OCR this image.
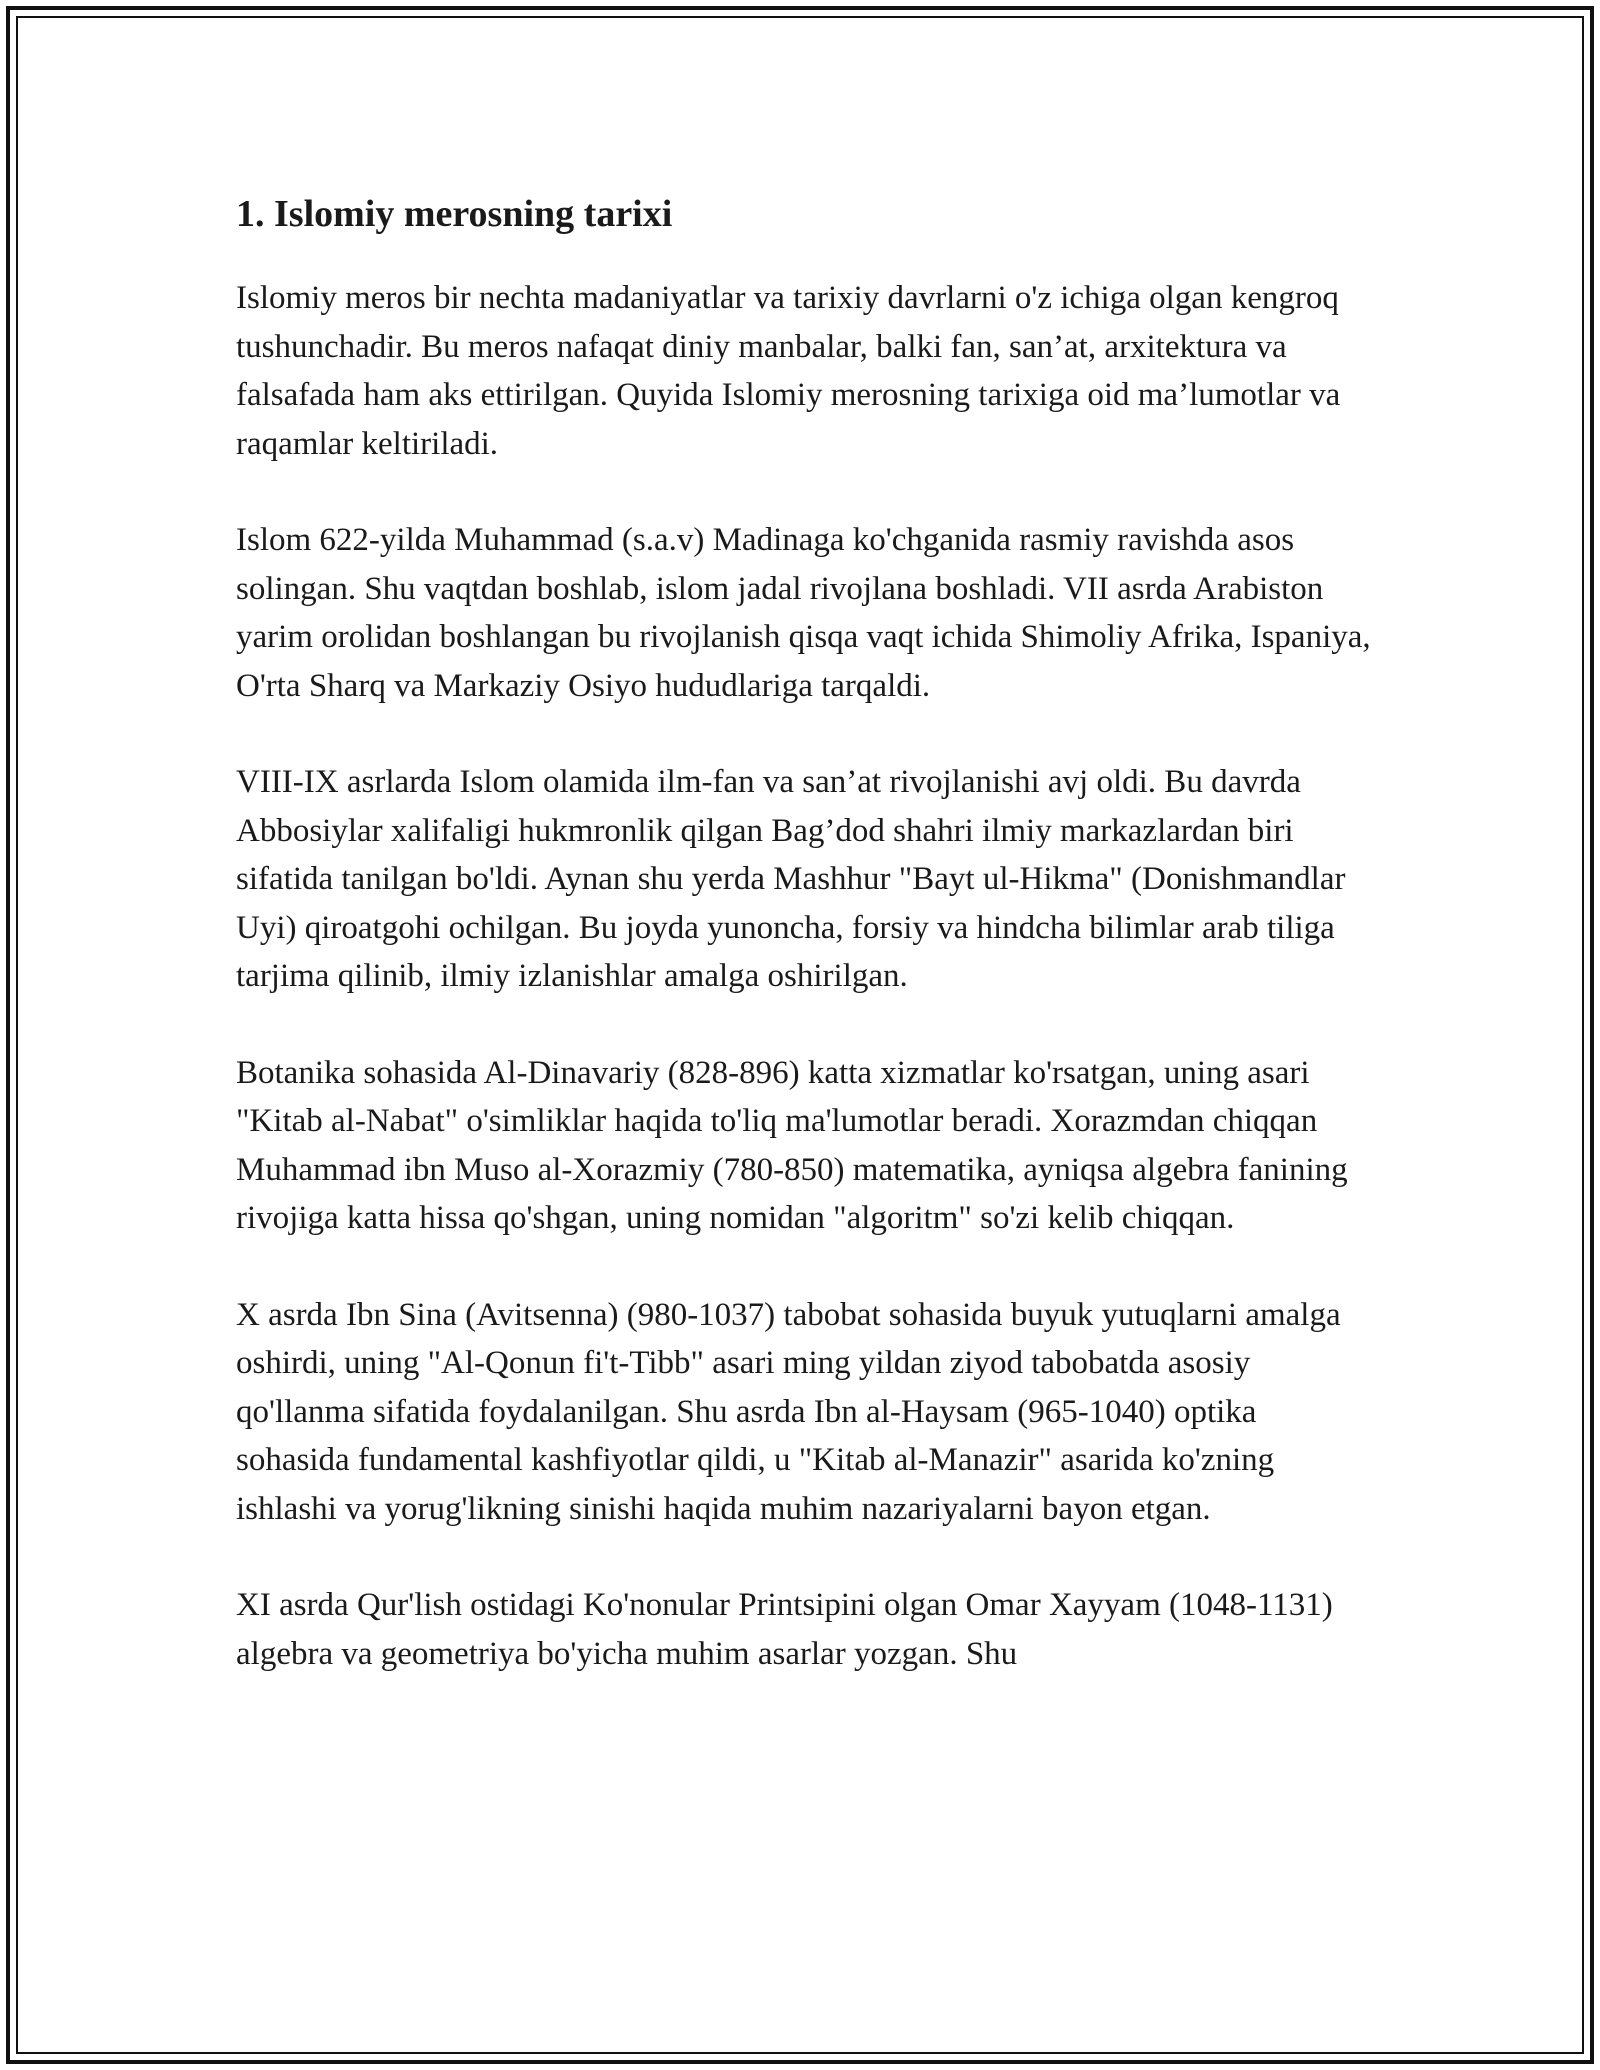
1. Islomiy merosning tarixi

Islomiy meros bir nechta madaniyatlar va tarixiy davrlarni o'z ichiga olgan kengroq tushunchadir. Bu meros nafaqat diniy manbalar, balki fan, san’at, arxitektura va falsafada ham aks ettirilgan. Quyida Islomiy merosning tarixiga oid ma’lumotlar va raqamlar keltiriladi.

Islom 622-yilda Muhammad (s.a.v) Madinaga ko'chganida rasmiy ravishda asos solingan. Shu vaqtdan boshlab, islom jadal rivojlana boshladi. VII asrda Arabiston yarim orolidan boshlangan bu rivojlanish qisqa vaqt ichida Shimoliy Afrika, Ispaniya, O'rta Sharq va Markaziy Osiyo hududlariga tarqaldi.

VIII-IX asrlarda Islom olamida ilm-fan va san’at rivojlanishi avj oldi. Bu davrda Abbosiylar xalifaligi hukmronlik qilgan Bag’dod shahri ilmiy markazlardan biri sifatida tanilgan bo'ldi. Aynan shu yerda Mashhur "Bayt ul-Hikma" (Donishmandlar Uyi) qiroatgohi ochilgan. Bu joyda yunoncha, forsiy va hindcha bilimlar arab tiliga tarjima qilinib, ilmiy izlanishlar amalga oshirilgan.

Botanika sohasida Al-Dinavariy (828-896) katta xizmatlar ko'rsatgan, uning asari "Kitab al-Nabat" o'simliklar haqida to'liq ma'lumotlar beradi. Xorazmdan chiqqan Muhammad ibn Muso al-Xorazmiy (780-850) matematika, ayniqsa algebra fanining rivojiga katta hissa qo'shgan, uning nomidan "algoritm" so'zi kelib chiqqan.

X asrda Ibn Sina (Avitsenna) (980-1037) tabobat sohasida buyuk yutuqlarni amalga oshirdi, uning "Al-Qonun fi't-Tibb" asari ming yildan ziyod tabobatda asosiy qo'llanma sifatida foydalanilgan. Shu asrda Ibn al-Haysam (965-1040) optika sohasida fundamental kashfiyotlar qildi, u "Kitab al-Manazir" asarida ko'zning ishlashi va yorug'likning sinishi haqida muhim nazariyalarni bayon etgan.

XI asrda Qur'lish ostidagi Ko'nonular Printsipini olgan Omar Xayyam (1048-1131) algebra va geometriya bo'yicha muhim asarlar yozgan. Shu
